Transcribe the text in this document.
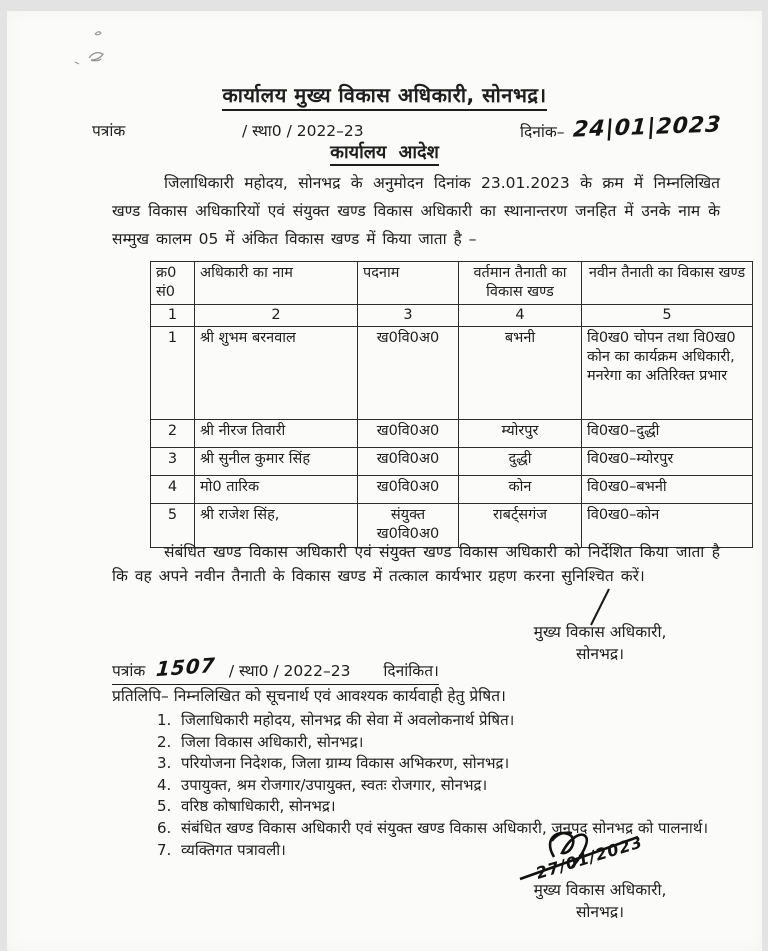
कार्यालय मुख्य विकास अधिकारी, सोनभद्र।
पत्रांक	/ स्था0 / 2022–23	दिनांक– 24|01|2023
कार्यालय आदेश
जिलाधिकारी महोदय, सोनभद्र के अनुमोदन दिनांक 23.01.2023 के क्रम में निम्नलिखित खण्ड विकास अधिकारियों एवं संयुक्त खण्ड विकास अधिकारी का स्थानान्तरण जनहित में उनके नाम के सम्मुख कालम 05 में अंकित विकास खण्ड में किया जाता है –
क्र0 सं0	अधिकारी का नाम	पदनाम	वर्तमान तैनाती का विकास खण्ड	नवीन तैनाती का विकास खण्ड
1	2	3	4	5
1	श्री शुभम बरनवाल	ख0वि0अ0	बभनी	वि0ख0 चोपन तथा वि0ख0 कोन का कार्यक्रम अधिकारी, मनरेगा का अतिरिक्त प्रभार
2	श्री नीरज तिवारी	ख0वि0अ0	म्योरपुर	वि0ख0–दुद्धी
3	श्री सुनील कुमार सिंह	ख0वि0अ0	दुद्धी	वि0ख0–म्योरपुर
4	मो0 तारिक	ख0वि0अ0	कोन	वि0ख0–बभनी
5	श्री राजेश सिंह,	संयुक्त ख0वि0अ0	राबर्ट्सगंज	वि0ख0–कोन
संबंधित खण्ड विकास अधिकारी एवं संयुक्त खण्ड विकास अधिकारी को निर्देशित किया जाता है कि वह अपने नवीन तैनाती के विकास खण्ड में तत्काल कार्यभार ग्रहण करना सुनिश्चित करें।
मुख्य विकास अधिकारी,
सोनभद्र।
पत्रांक 1507 / स्था0 / 2022–23 दिनांकित।
प्रतिलिपि– निम्नलिखित को सूचनार्थ एवं आवश्यक कार्यवाही हेतु प्रेषित।
1. जिलाधिकारी महोदय, सोनभद्र की सेवा में अवलोकनार्थ प्रेषित।
2. जिला विकास अधिकारी, सोनभद्र।
3. परियोजना निदेशक, जिला ग्राम्य विकास अभिकरण, सोनभद्र।
4. उपायुक्त, श्रम रोजगार/उपायुक्त, स्वतः रोजगार, सोनभद्र।
5. वरिष्ठ कोषाधिकारी, सोनभद्र।
6. संबंधित खण्ड विकास अधिकारी एवं संयुक्त खण्ड विकास अधिकारी, जनपद सोनभद्र को पालनार्थ।
7. व्यक्तिगत पत्रावली।	27/01/2023
मुख्य विकास अधिकारी,
सोनभद्र।
